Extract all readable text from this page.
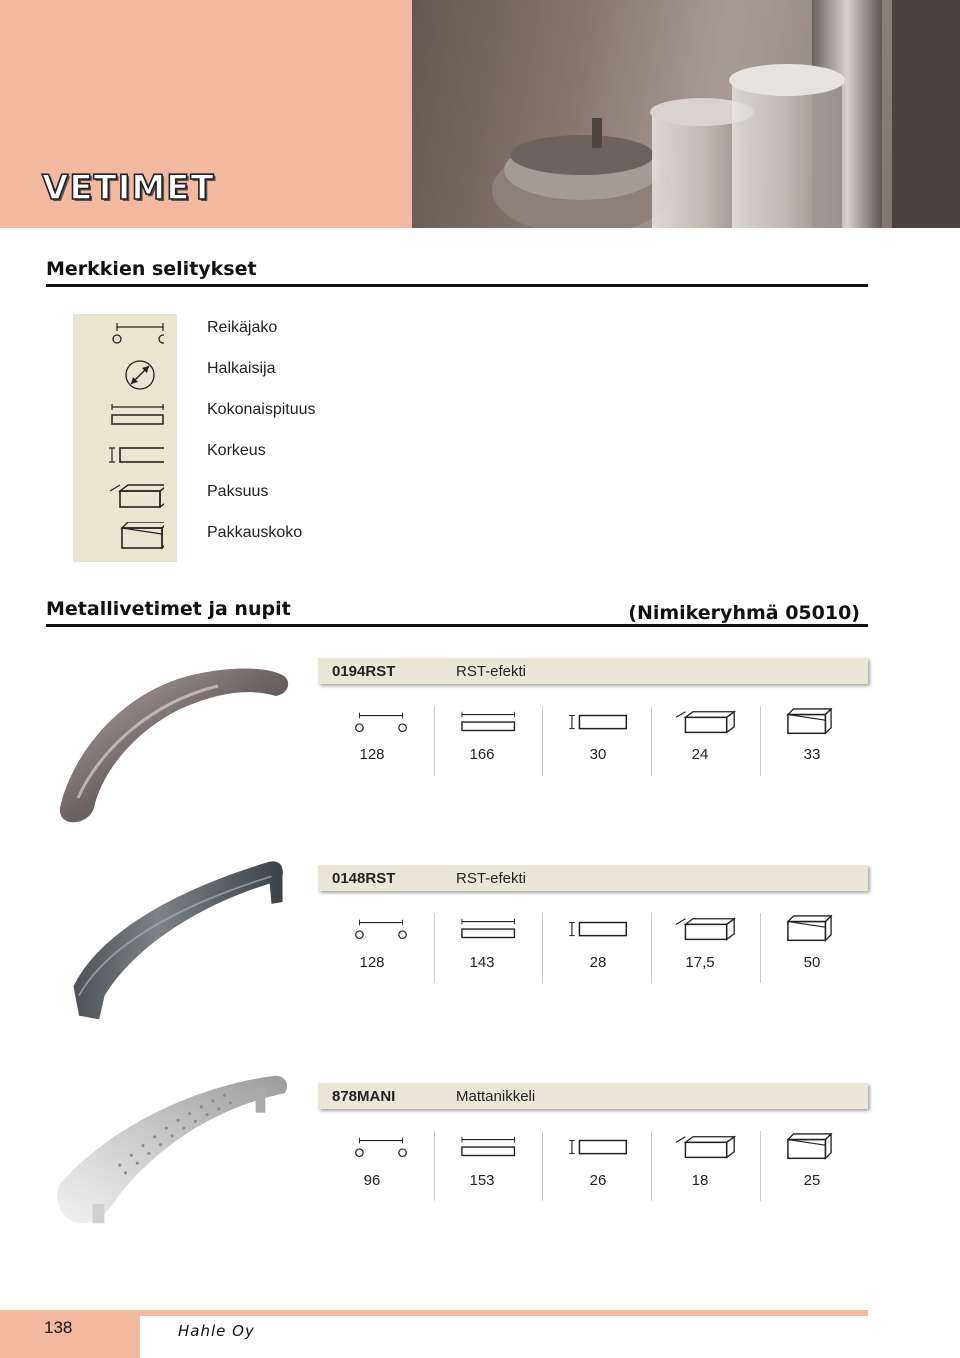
VETIMET
Merkkien selitykset
Reikäjako
Halkaisija
Kokonaispituus
Korkeus
Paksuus
Pakkauskoko
Metallivetimet ja nupit	(Nimikeryhmä 05010)
0194RST	RST-efekti
128	166	30	24	33
0148RST	RST-efekti
128	143	28	17,5	50
878MANI	Mattanikkeli
96	153	26	18	25
138	Hahle Oy
